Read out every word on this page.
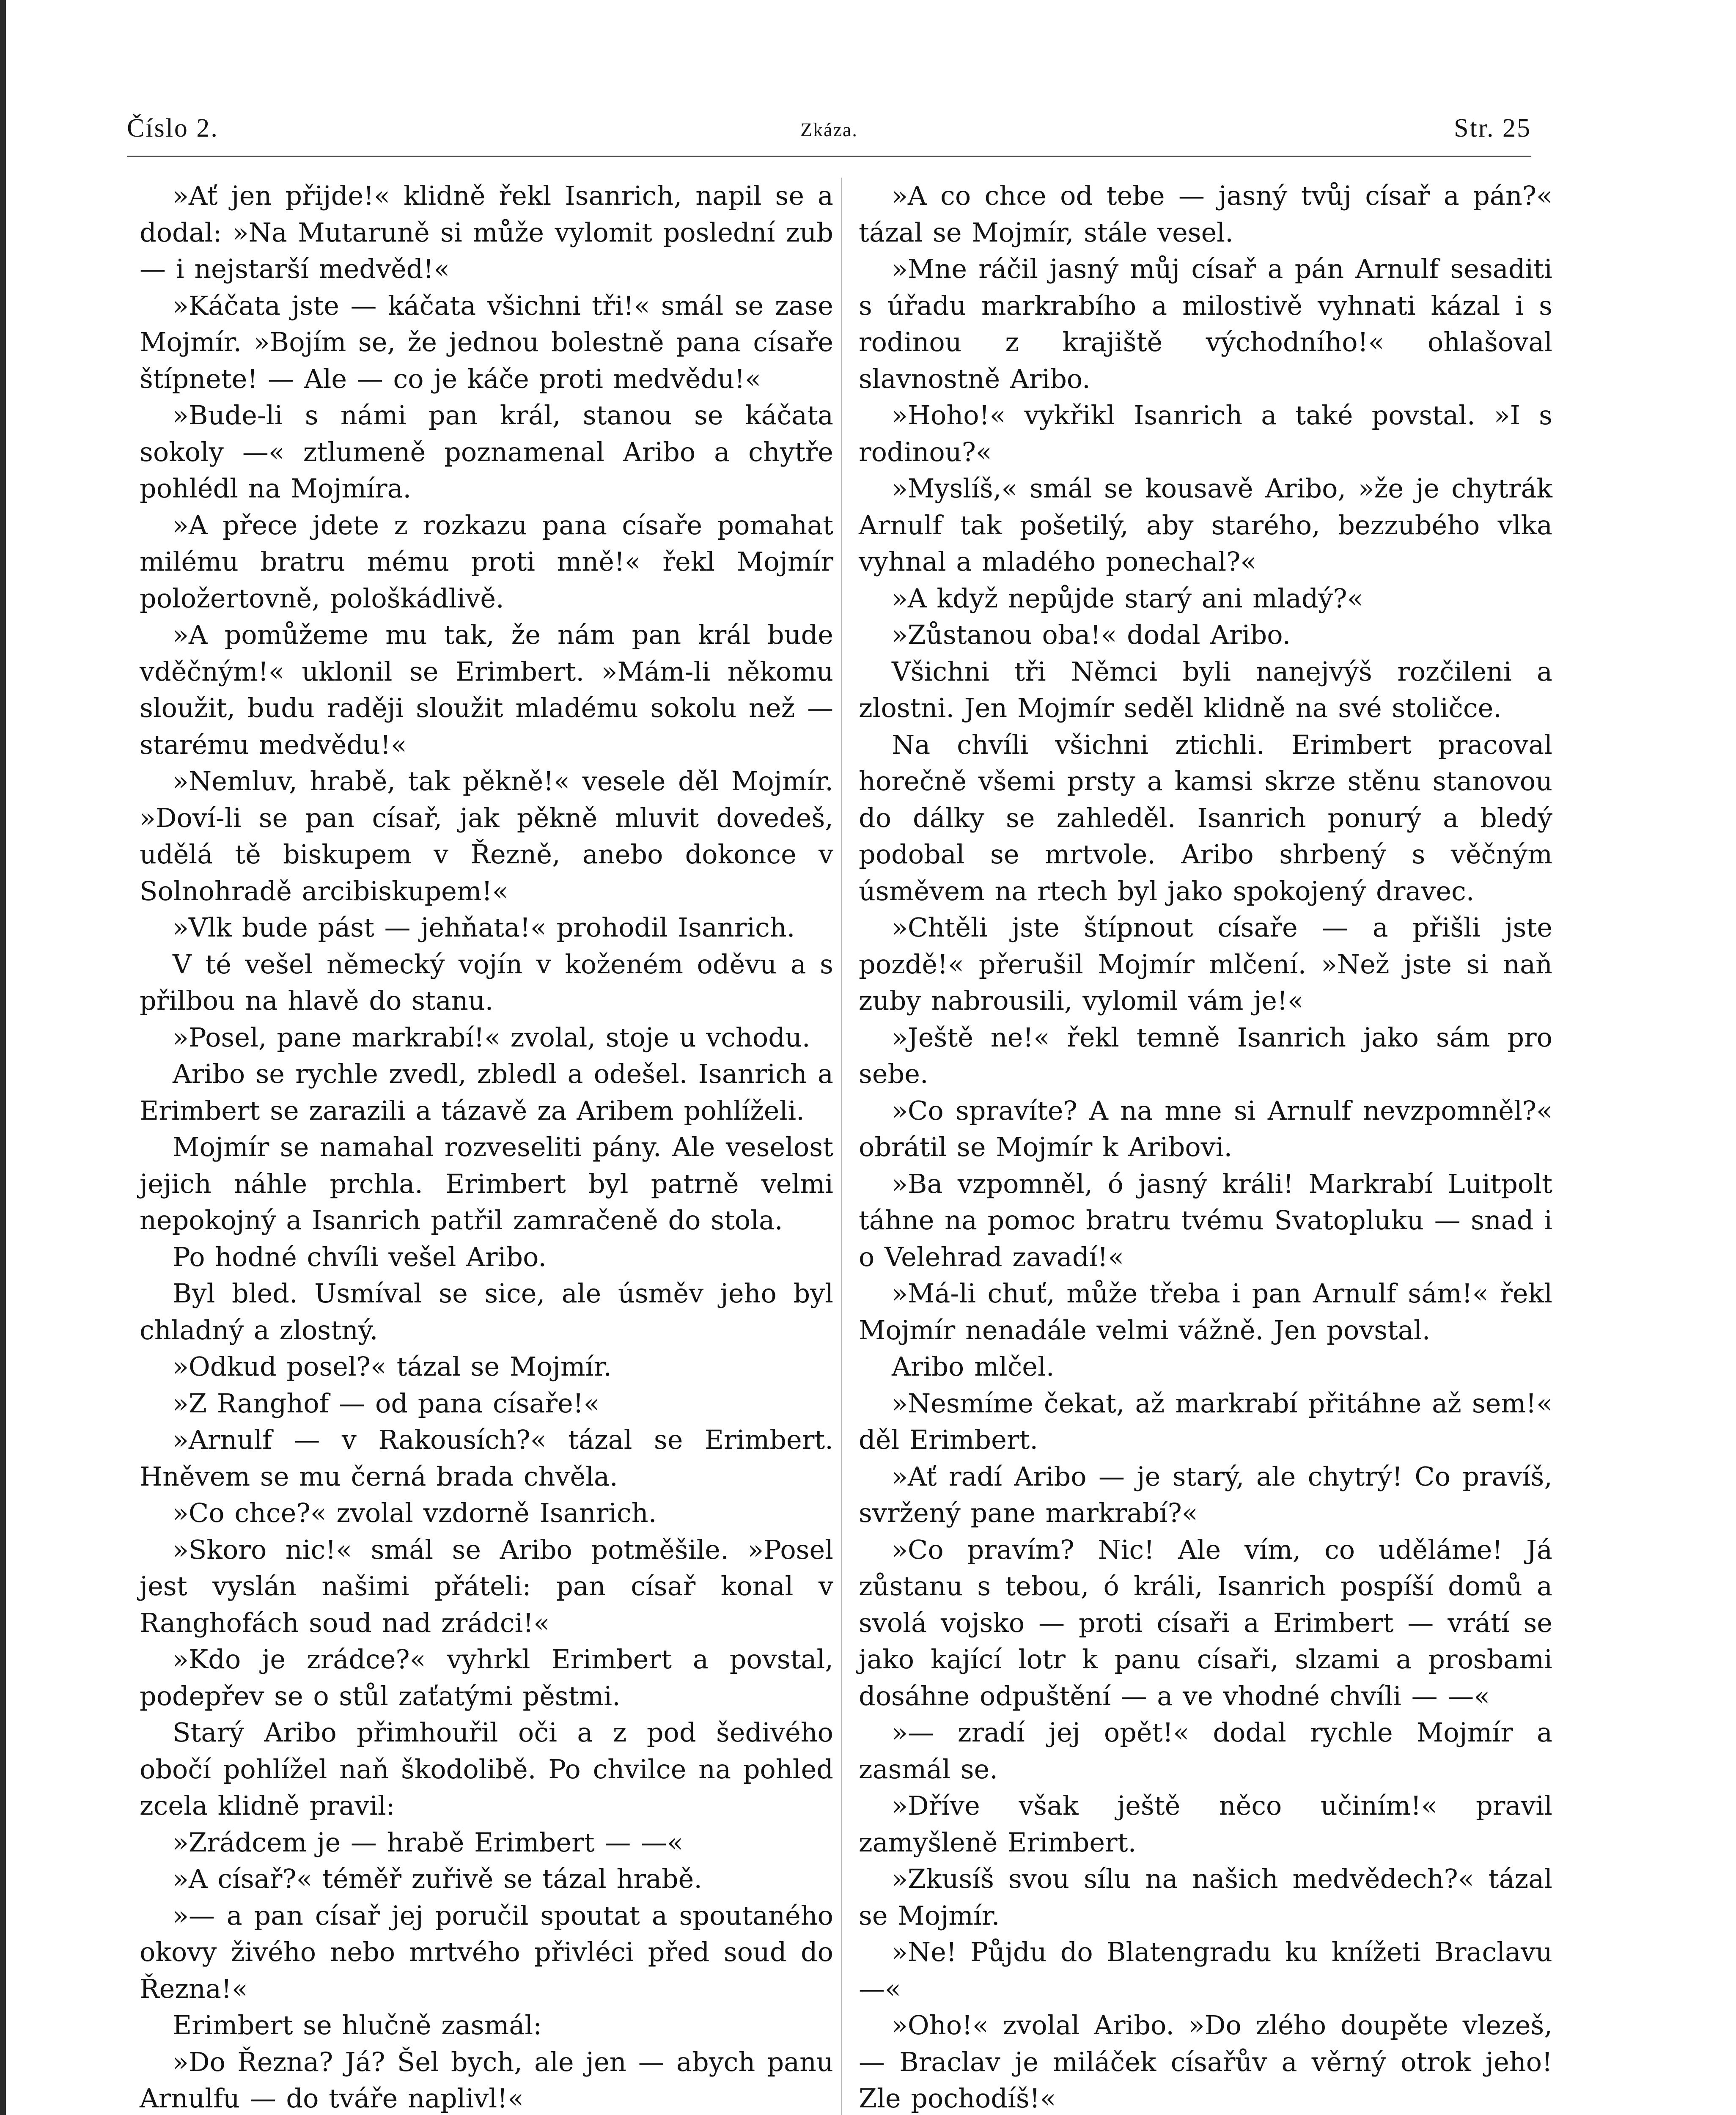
Číslo 2.	Zkáza.	Str. 25

»Ať jen přijde!« klidně řekl Isanrich, napil se a dodal: »Na Mutaruně si může vylomit poslední zub — i nejstarší medvěd!«

»Káčata jste — káčata všichni tři!« smál se zase Mojmír. »Bojím se, že jednou bolestně pana císaře štípnete! — Ale — co je káče proti medvědu!«

»Bude-li s námi pan král, stanou se káčata sokoly —« ztlumeně poznamenal Aribo a chytře pohlédl na Mojmíra.

»A přece jdete z rozkazu pana císaře pomahat milému bratru mému proti mně!« řekl Mojmír položertovně, pološkádlivě.

»A pomůžeme mu tak, že nám pan král bude vděčným!« uklonil se Erimbert. »Mám-li někomu sloužit, budu raději sloužit mladému sokolu než — starému medvědu!«

»Nemluv, hrabě, tak pěkně!« vesele děl Mojmír. »Doví-li se pan císař, jak pěkně mluvit dovedeš, udělá tě biskupem v Řezně, anebo dokonce v Solnohradě arcibiskupem!«

»Vlk bude pást — jehňata!« prohodil Isanrich.

V té vešel německý vojín v koženém oděvu a s přilbou na hlavě do stanu.

»Posel, pane markrabí!« zvolal, stoje u vchodu.

Aribo se rychle zvedl, zbledl a odešel. Isanrich a Erimbert se zarazili a tázavě za Aribem pohlíželi.

Mojmír se namahal rozveseliti pány. Ale veselost jejich náhle prchla. Erimbert byl patrně velmi nepokojný a Isanrich patřil zamračeně do stola.

Po hodné chvíli vešel Aribo.

Byl bled. Usmíval se sice, ale úsměv jeho byl chladný a zlostný.

»Odkud posel?« tázal se Mojmír.

»Z Ranghof — od pana císaře!«

»Arnulf — v Rakousích?« tázal se Erimbert. Hněvem se mu černá brada chvěla.

»Co chce?« zvolal vzdorně Isanrich.

»Skoro nic!« smál se Aribo potměšile. »Posel jest vyslán našimi přáteli: pan císař konal v Ranghofách soud nad zrádci!«

»Kdo je zrádce?« vyhrkl Erimbert a povstal, podepřev se o stůl zaťatými pěstmi.

Starý Aribo přimhouřil oči a z pod šedivého obočí pohlížel naň škodolibě. Po chvilce na pohled zcela klidně pravil:

»Zrádcem je — hrabě Erimbert — —«

»A císař?« téměř zuřivě se tázal hrabě.

»— a pan císař jej poručil spoutat a spoutaného okovy živého nebo mrtvého přivléci před soud do Řezna!«

Erimbert se hlučně zasmál:

»Do Řezna? Já? Šel bych, ale jen — abych panu Arnulfu — do tváře naplivl!«

»A co chce od tebe — jasný tvůj císař a pán?« tázal se Mojmír, stále vesel.

»Mne ráčil jasný můj císař a pán Arnulf sesaditi s úřadu markrabího a milostivě vyhnati kázal i s rodinou z krajiště východního!« ohlašoval slavnostně Aribo.

»Hoho!« vykřikl Isanrich a také povstal. »I s rodinou?«

»Myslíš,« smál se kousavě Aribo, »že je chytrák Arnulf tak pošetilý, aby starého, bezzubého vlka vyhnal a mladého ponechal?«

»A když nepůjde starý ani mladý?«

»Zůstanou oba!« dodal Aribo.

Všichni tři Němci byli nanejvýš rozčileni a zlostni. Jen Mojmír seděl klidně na své stoličce.

Na chvíli všichni ztichli. Erimbert pracoval horečně všemi prsty a kamsi skrze stěnu stanovou do dálky se zahleděl. Isanrich ponurý a bledý podobal se mrtvole. Aribo shrbený s věčným úsměvem na rtech byl jako spokojený dravec.

»Chtěli jste štípnout císaře — a přišli jste pozdě!« přerušil Mojmír mlčení. »Než jste si naň zuby nabrousili, vylomil vám je!«

»Ještě ne!« řekl temně Isanrich jako sám pro sebe.

»Co spravíte? A na mne si Arnulf nevzpomněl?« obrátil se Mojmír k Aribovi.

»Ba vzpomněl, ó jasný králi! Markrabí Luitpolt táhne na pomoc bratru tvému Svatopluku — snad i o Velehrad zavadí!«

»Má-li chuť, může třeba i pan Arnulf sám!« řekl Mojmír nenadále velmi vážně. Jen povstal.

Aribo mlčel.

»Nesmíme čekat, až markrabí přitáhne až sem!« děl Erimbert.

»Ať radí Aribo — je starý, ale chytrý! Co pravíš, svržený pane markrabí?«

»Co pravím? Nic! Ale vím, co uděláme! Já zůstanu s tebou, ó králi, Isanrich pospíší domů a svolá vojsko — proti císaři a Erimbert — vrátí se jako kající lotr k panu císaři, slzami a prosbami dosáhne odpuštění — a ve vhodné chvíli — —«

»— zradí jej opět!« dodal rychle Mojmír a zasmál se.

»Dříve však ještě něco učiním!« pravil zamyšleně Erimbert.

»Zkusíš svou sílu na našich medvědech?« tázal se Mojmír.

»Ne! Půjdu do Blatengradu ku knížeti Braclavu —«

»Oho!« zvolal Aribo. »Do zlého doupěte vlezeš, — Braclav je miláček císařův a věrný otrok jeho! Zle pochodíš!«
